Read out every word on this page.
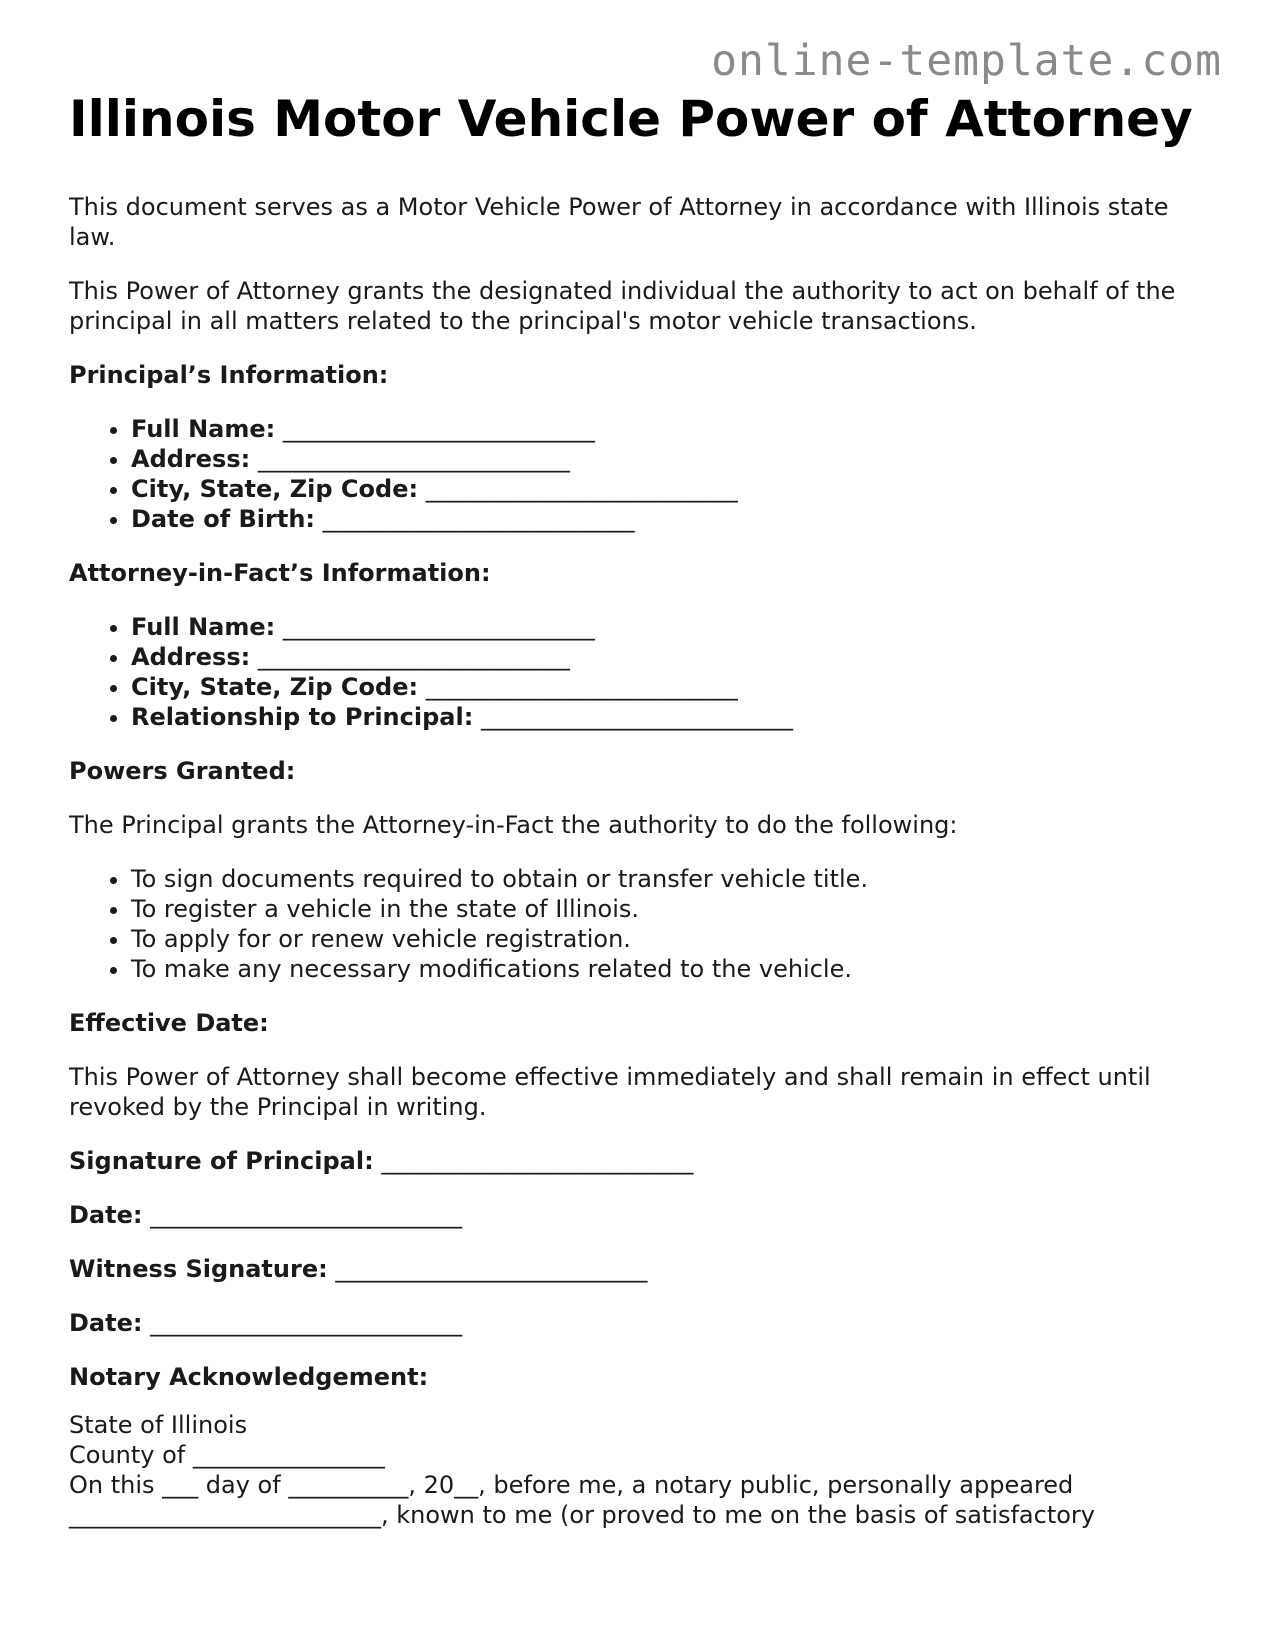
online-template.com
Illinois Motor Vehicle Power of Attorney

This document serves as a Motor Vehicle Power of Attorney in accordance with Illinois state law.

This Power of Attorney grants the designated individual the authority to act on behalf of the principal in all matters related to the principal's motor vehicle transactions.

Principal’s Information:

• Full Name: __________________________
• Address: __________________________
• City, State, Zip Code: __________________________
• Date of Birth: __________________________

Attorney-in-Fact’s Information:

• Full Name: __________________________
• Address: __________________________
• City, State, Zip Code: __________________________
• Relationship to Principal: __________________________

Powers Granted:

The Principal grants the Attorney-in-Fact the authority to do the following:

• To sign documents required to obtain or transfer vehicle title.
• To register a vehicle in the state of Illinois.
• To apply for or renew vehicle registration.
• To make any necessary modifications related to the vehicle.

Effective Date:

This Power of Attorney shall become effective immediately and shall remain in effect until revoked by the Principal in writing.

Signature of Principal: __________________________

Date: __________________________

Witness Signature: __________________________

Date: __________________________

Notary Acknowledgement:

State of Illinois

County of ________________

On this ___ day of __________, 20__, before me, a notary public, personally appeared

__________________________, known to me (or proved to me on the basis of satisfactory
